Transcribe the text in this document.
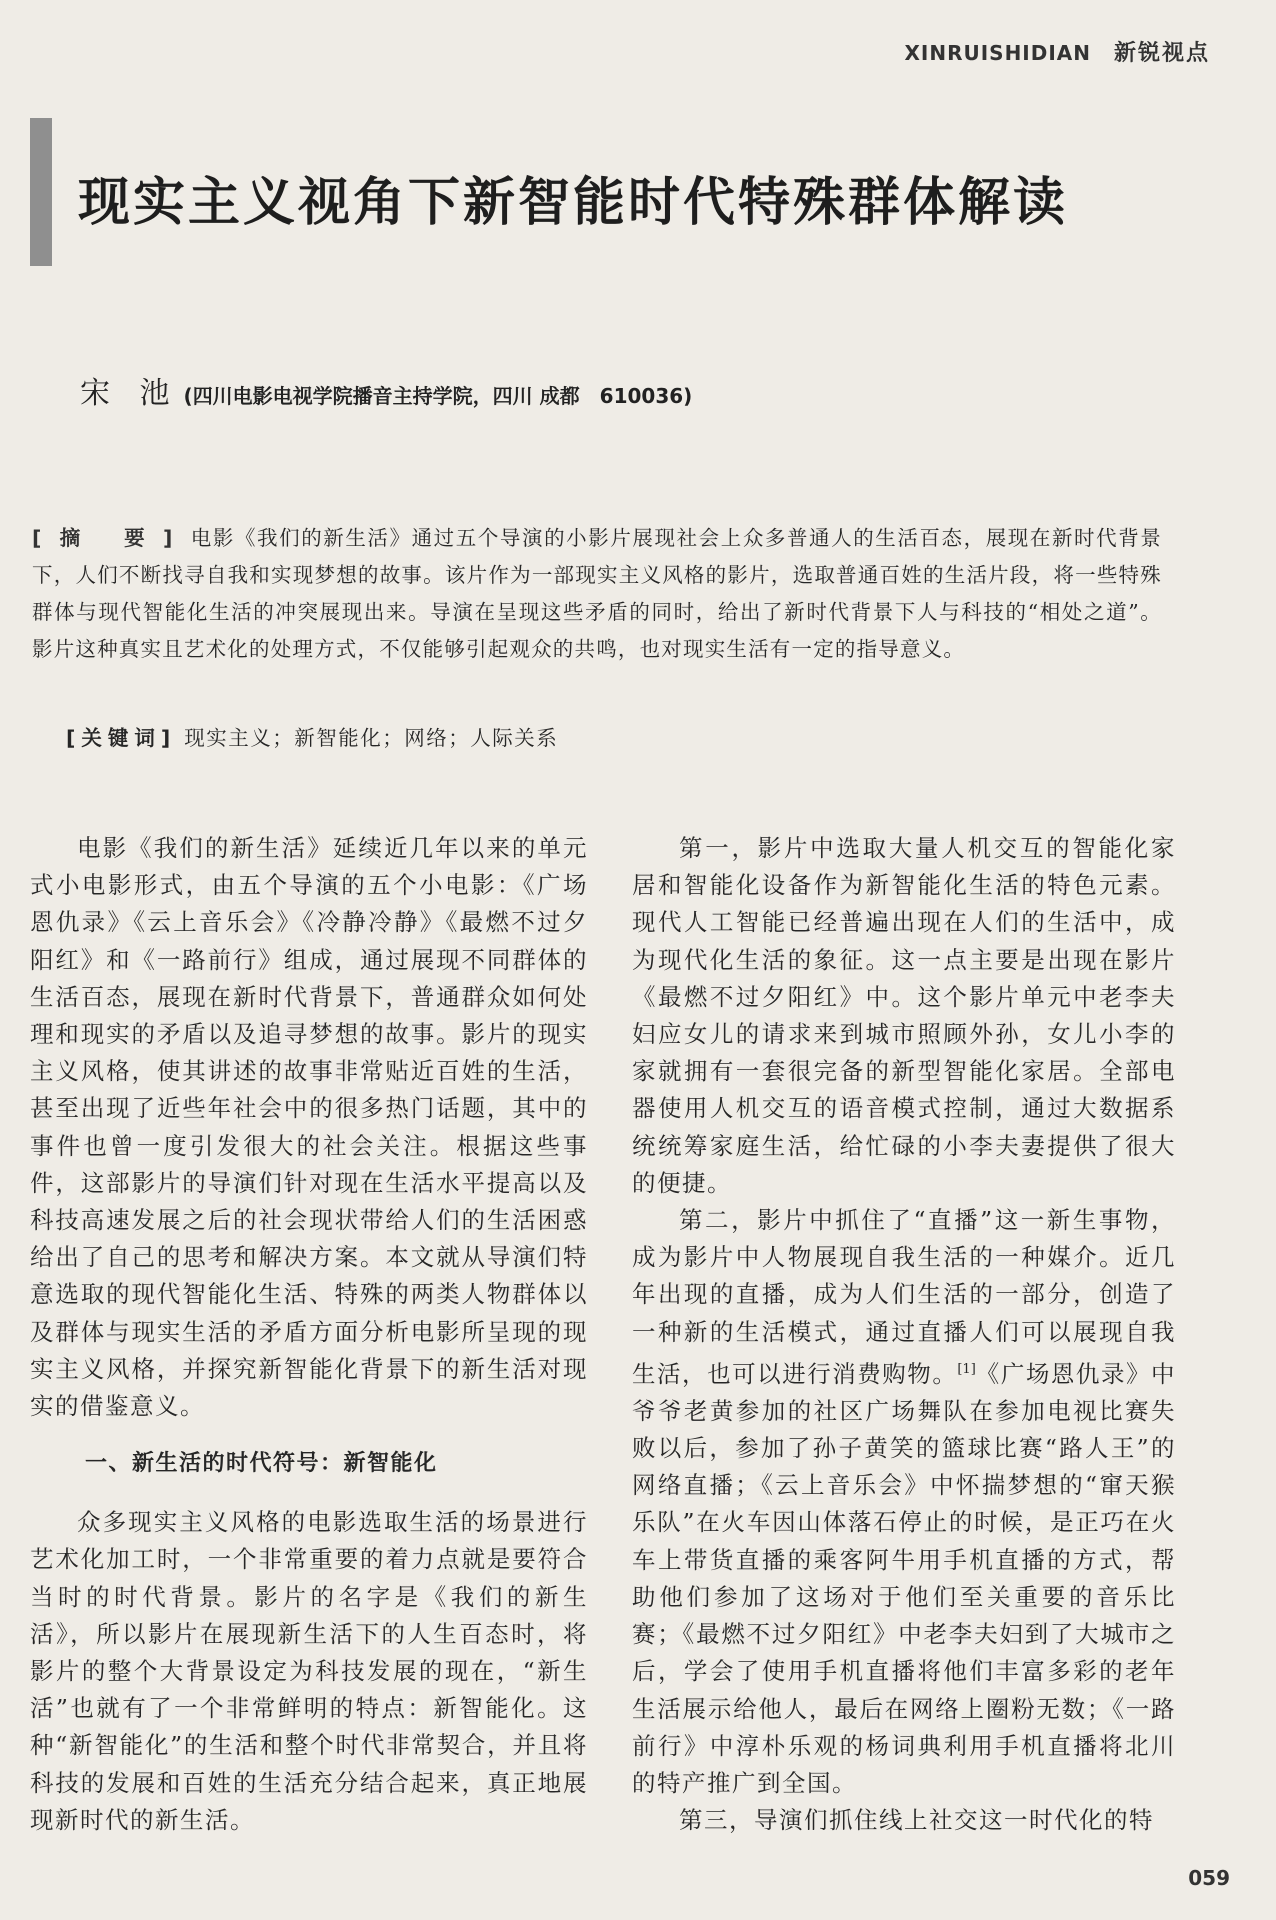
XINRUISHIDIAN 新锐视点
现实主义视角下新智能时代特殊群体解读
宋 池 (四川电影电视学院播音主持学院，四川 成都　610036)
[摘 要]电影《我们的新生活》通过五个导演的小影片展现社会上众多普通人的生活百态，展现在新时代背景下，人们不断找寻自我和实现梦想的故事。该片作为一部现实主义风格的影片，选取普通百姓的生活片段，将一些特殊群体与现代智能化生活的冲突展现出来。导演在呈现这些矛盾的同时，给出了新时代背景下人与科技的“相处之道”。影片这种真实且艺术化的处理方式，不仅能够引起观众的共鸣，也对现实生活有一定的指导意义。
[关键词] 现实主义；新智能化；网络；人际关系

电影《我们的新生活》延续近几年以来的单元式小电影形式，由五个导演的五个小电影：《广场恩仇录》《云上音乐会》《冷静冷静》《最燃不过夕阳红》和《一路前行》组成，通过展现不同群体的生活百态，展现在新时代背景下，普通群众如何处理和现实的矛盾以及追寻梦想的故事。影片的现实主义风格，使其讲述的故事非常贴近百姓的生活，甚至出现了近些年社会中的很多热门话题，其中的事件也曾一度引发很大的社会关注。根据这些事件，这部影片的导演们针对现在生活水平提高以及科技高速发展之后的社会现状带给人们的生活困惑给出了自己的思考和解决方案。本文就从导演们特意选取的现代智能化生活、特殊的两类人物群体以及群体与现实生活的矛盾方面分析电影所呈现的现实主义风格，并探究新智能化背景下的新生活对现实的借鉴意义。

一、新生活的时代符号：新智能化

众多现实主义风格的电影选取生活的场景进行艺术化加工时，一个非常重要的着力点就是要符合当时的时代背景。影片的名字是《我们的新生活》，所以影片在展现新生活下的人生百态时，将影片的整个大背景设定为科技发展的现在，“新生活”也就有了一个非常鲜明的特点：新智能化。这种“新智能化”的生活和整个时代非常契合，并且将科技的发展和百姓的生活充分结合起来，真正地展现新时代的新生活。

第一，影片中选取大量人机交互的智能化家居和智能化设备作为新智能化生活的特色元素。现代人工智能已经普遍出现在人们的生活中，成为现代化生活的象征。这一点主要是出现在影片《最燃不过夕阳红》中。这个影片单元中老李夫妇应女儿的请求来到城市照顾外孙，女儿小李的家就拥有一套很完备的新型智能化家居。全部电器使用人机交互的语音模式控制，通过大数据系统统筹家庭生活，给忙碌的小李夫妻提供了很大的便捷。

第二，影片中抓住了“直播”这一新生事物，成为影片中人物展现自我生活的一种媒介。近几年出现的直播，成为人们生活的一部分，创造了一种新的生活模式，通过直播人们可以展现自我生活，也可以进行消费购物。[1]《广场恩仇录》中爷爷老黄参加的社区广场舞队在参加电视比赛失败以后，参加了孙子黄笑的篮球比赛“路人王”的网络直播；《云上音乐会》中怀揣梦想的“窜天猴乐队”在火车因山体落石停止的时候，是正巧在火车上带货直播的乘客阿牛用手机直播的方式，帮助他们参加了这场对于他们至关重要的音乐比赛；《最燃不过夕阳红》中老李夫妇到了大城市之后，学会了使用手机直播将他们丰富多彩的老年生活展示给他人，最后在网络上圈粉无数；《一路前行》中淳朴乐观的杨词典利用手机直播将北川的特产推广到全国。

第三，导演们抓住线上社交这一时代化的特

059
